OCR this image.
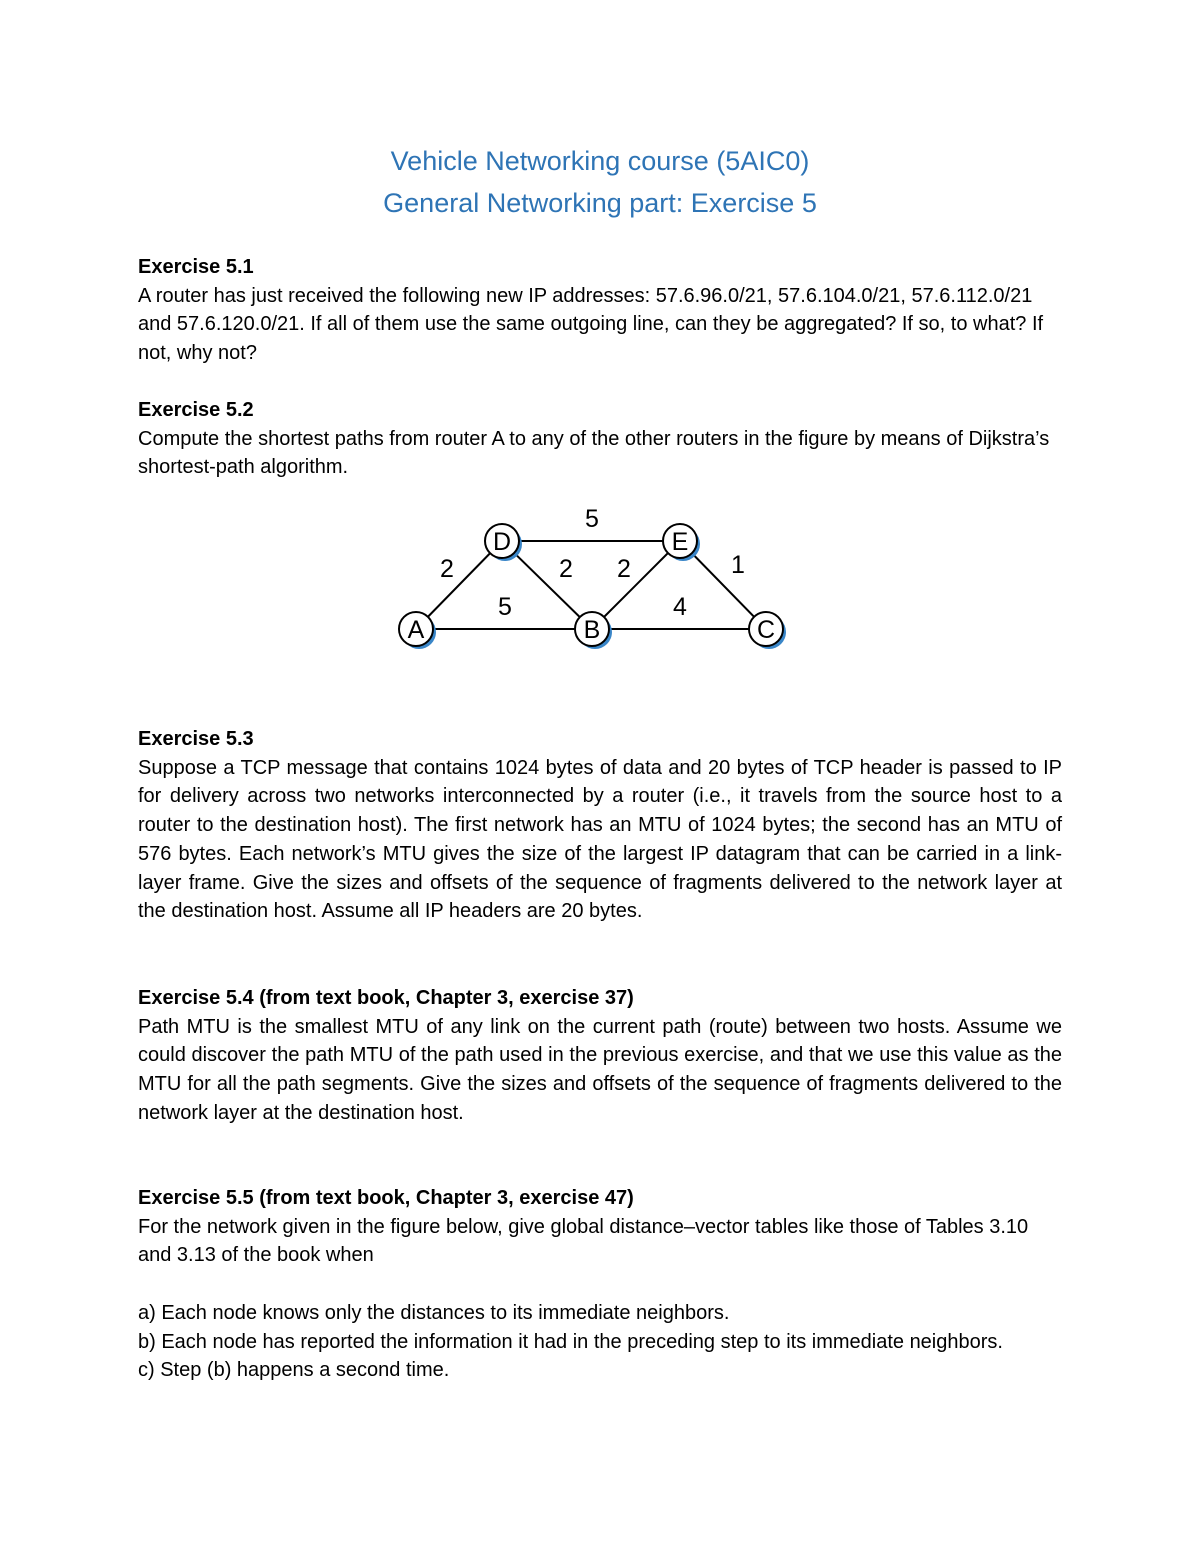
Vehicle Networking course (5AIC0)
General Networking part: Exercise 5

Exercise 5.1

A router has just received the following new IP addresses: 57.6.96.0/21, 57.6.104.0/21, 57.6.112.0/21 and 57.6.120.0/21. If all of them use the same outgoing line, can they be aggregated? If so, to what? If not, why not?

Exercise 5.2

Compute the shortest paths from router A to any of the other routers in the figure by means of Dijkstra’s shortest-path algorithm.

5
2	2 2	1
5	4
A	B	C
D	E

Exercise 5.3

Suppose a TCP message that contains 1024 bytes of data and 20 bytes of TCP header is passed to IP for delivery across two networks interconnected by a router (i.e., it travels from the source host to a router to the destination host). The first network has an MTU of 1024 bytes; the second has an MTU of 576 bytes. Each network’s MTU gives the size of the largest IP datagram that can be carried in a link-layer frame. Give the sizes and offsets of the sequence of fragments delivered to the network layer at the destination host. Assume all IP headers are 20 bytes.

Exercise 5.4 (from text book, Chapter 3, exercise 37)

Path MTU is the smallest MTU of any link on the current path (route) between two hosts. Assume we could discover the path MTU of the path used in the previous exercise, and that we use this value as the MTU for all the path segments. Give the sizes and offsets of the sequence of fragments delivered to the network layer at the destination host.

Exercise 5.5 (from text book, Chapter 3, exercise 47)

For the network given in the figure below, give global distance–vector tables like those of Tables 3.10 and 3.13 of the book when

a) Each node knows only the distances to its immediate neighbors.

b) Each node has reported the information it had in the preceding step to its immediate neighbors.

c) Step (b) happens a second time.
